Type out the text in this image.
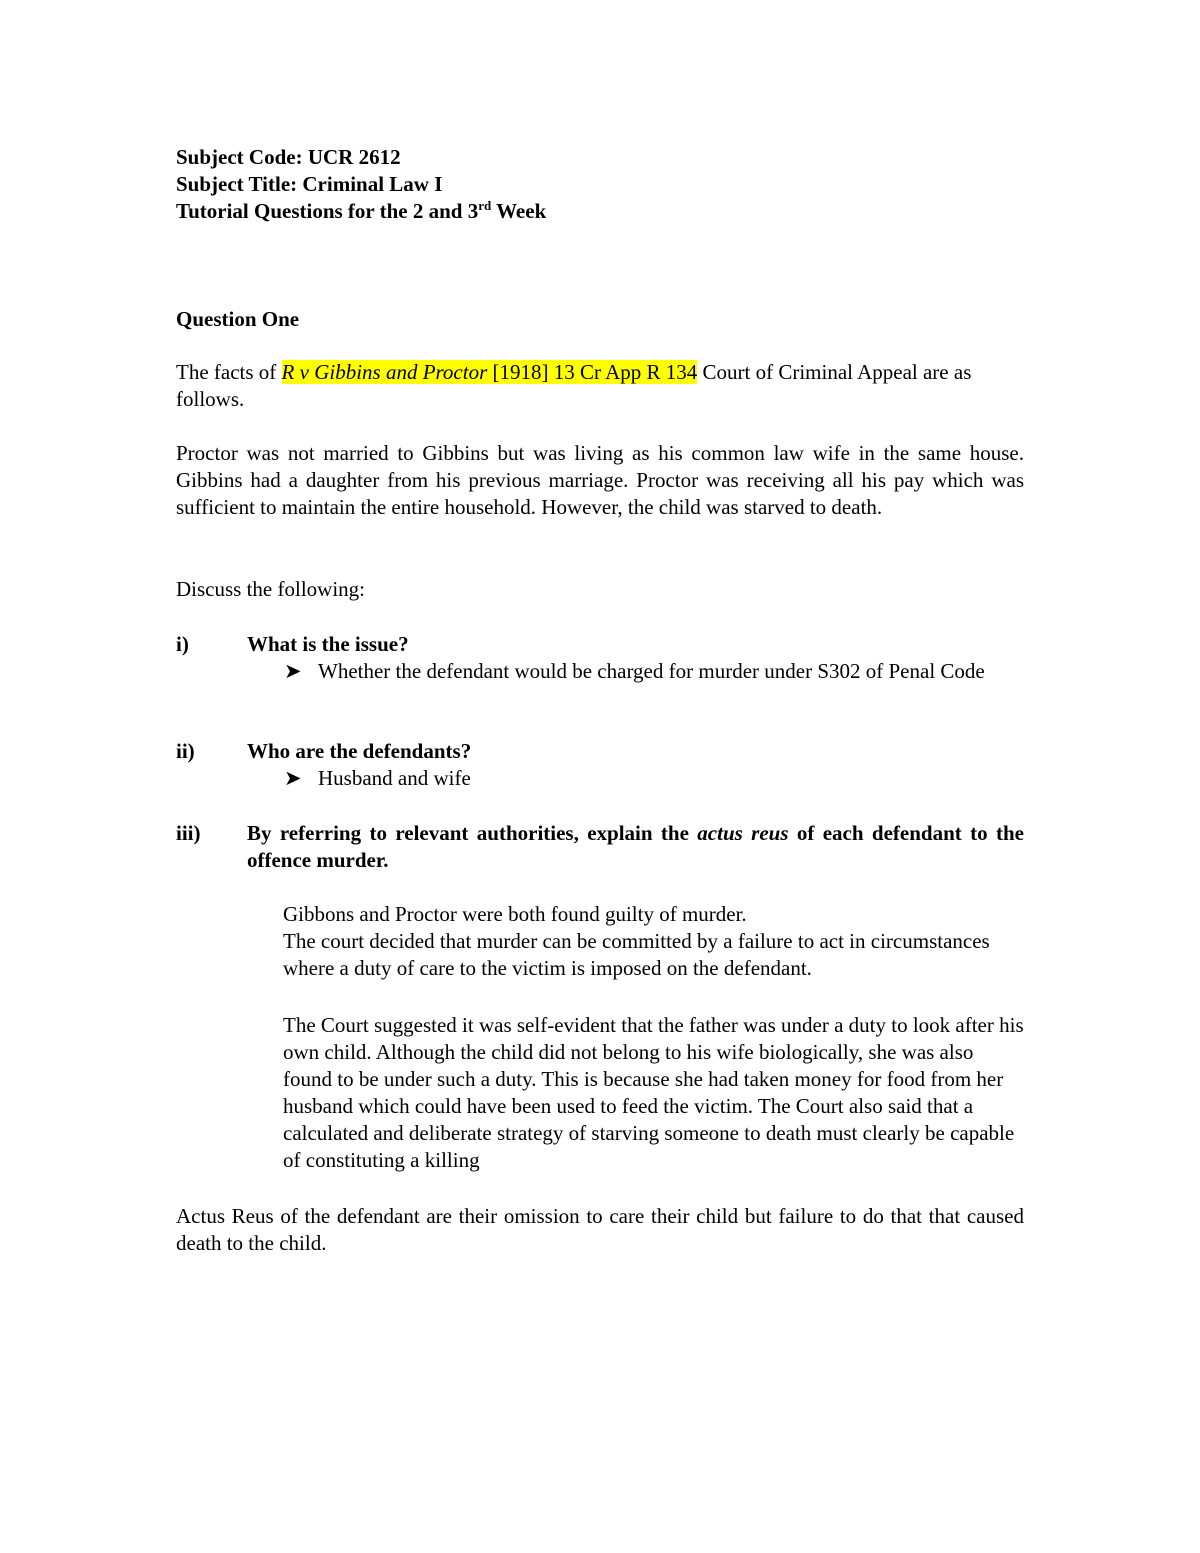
Subject Code: UCR 2612
Subject Title: Criminal Law I
Tutorial Questions for the 2 and 3rd Week
Question One

The facts of R v Gibbins and Proctor [1918] 13 Cr App R 134 Court of Criminal Appeal are as follows.

Proctor was not married to Gibbins but was living as his common law wife in the same house. Gibbins had a daughter from his previous marriage. Proctor was receiving all his pay which was sufficient to maintain the entire household. However, the child was starved to death.

Discuss the following:
i)	What is the issue?
➤ Whether the defendant would be charged for murder under S302 of Penal Code
ii) Who are the defendants?
➤ Husband and wife
iii) By referring to relevant authorities, explain the actus reus of each defendant to the offence murder.
Gibbons and Proctor were both found guilty of murder.
The court decided that murder can be committed by a failure to act in circumstances where a duty of care to the victim is imposed on the defendant.

The Court suggested it was self-evident that the father was under a duty to look after his own child. Although the child did not belong to his wife biologically, she was also found to be under such a duty. This is because she had taken money for food from her husband which could have been used to feed the victim. The Court also said that a calculated and deliberate strategy of starving someone to death must clearly be capable of constituting a killing

Actus Reus of the defendant are their omission to care their child but failure to do that that caused death to the child.
